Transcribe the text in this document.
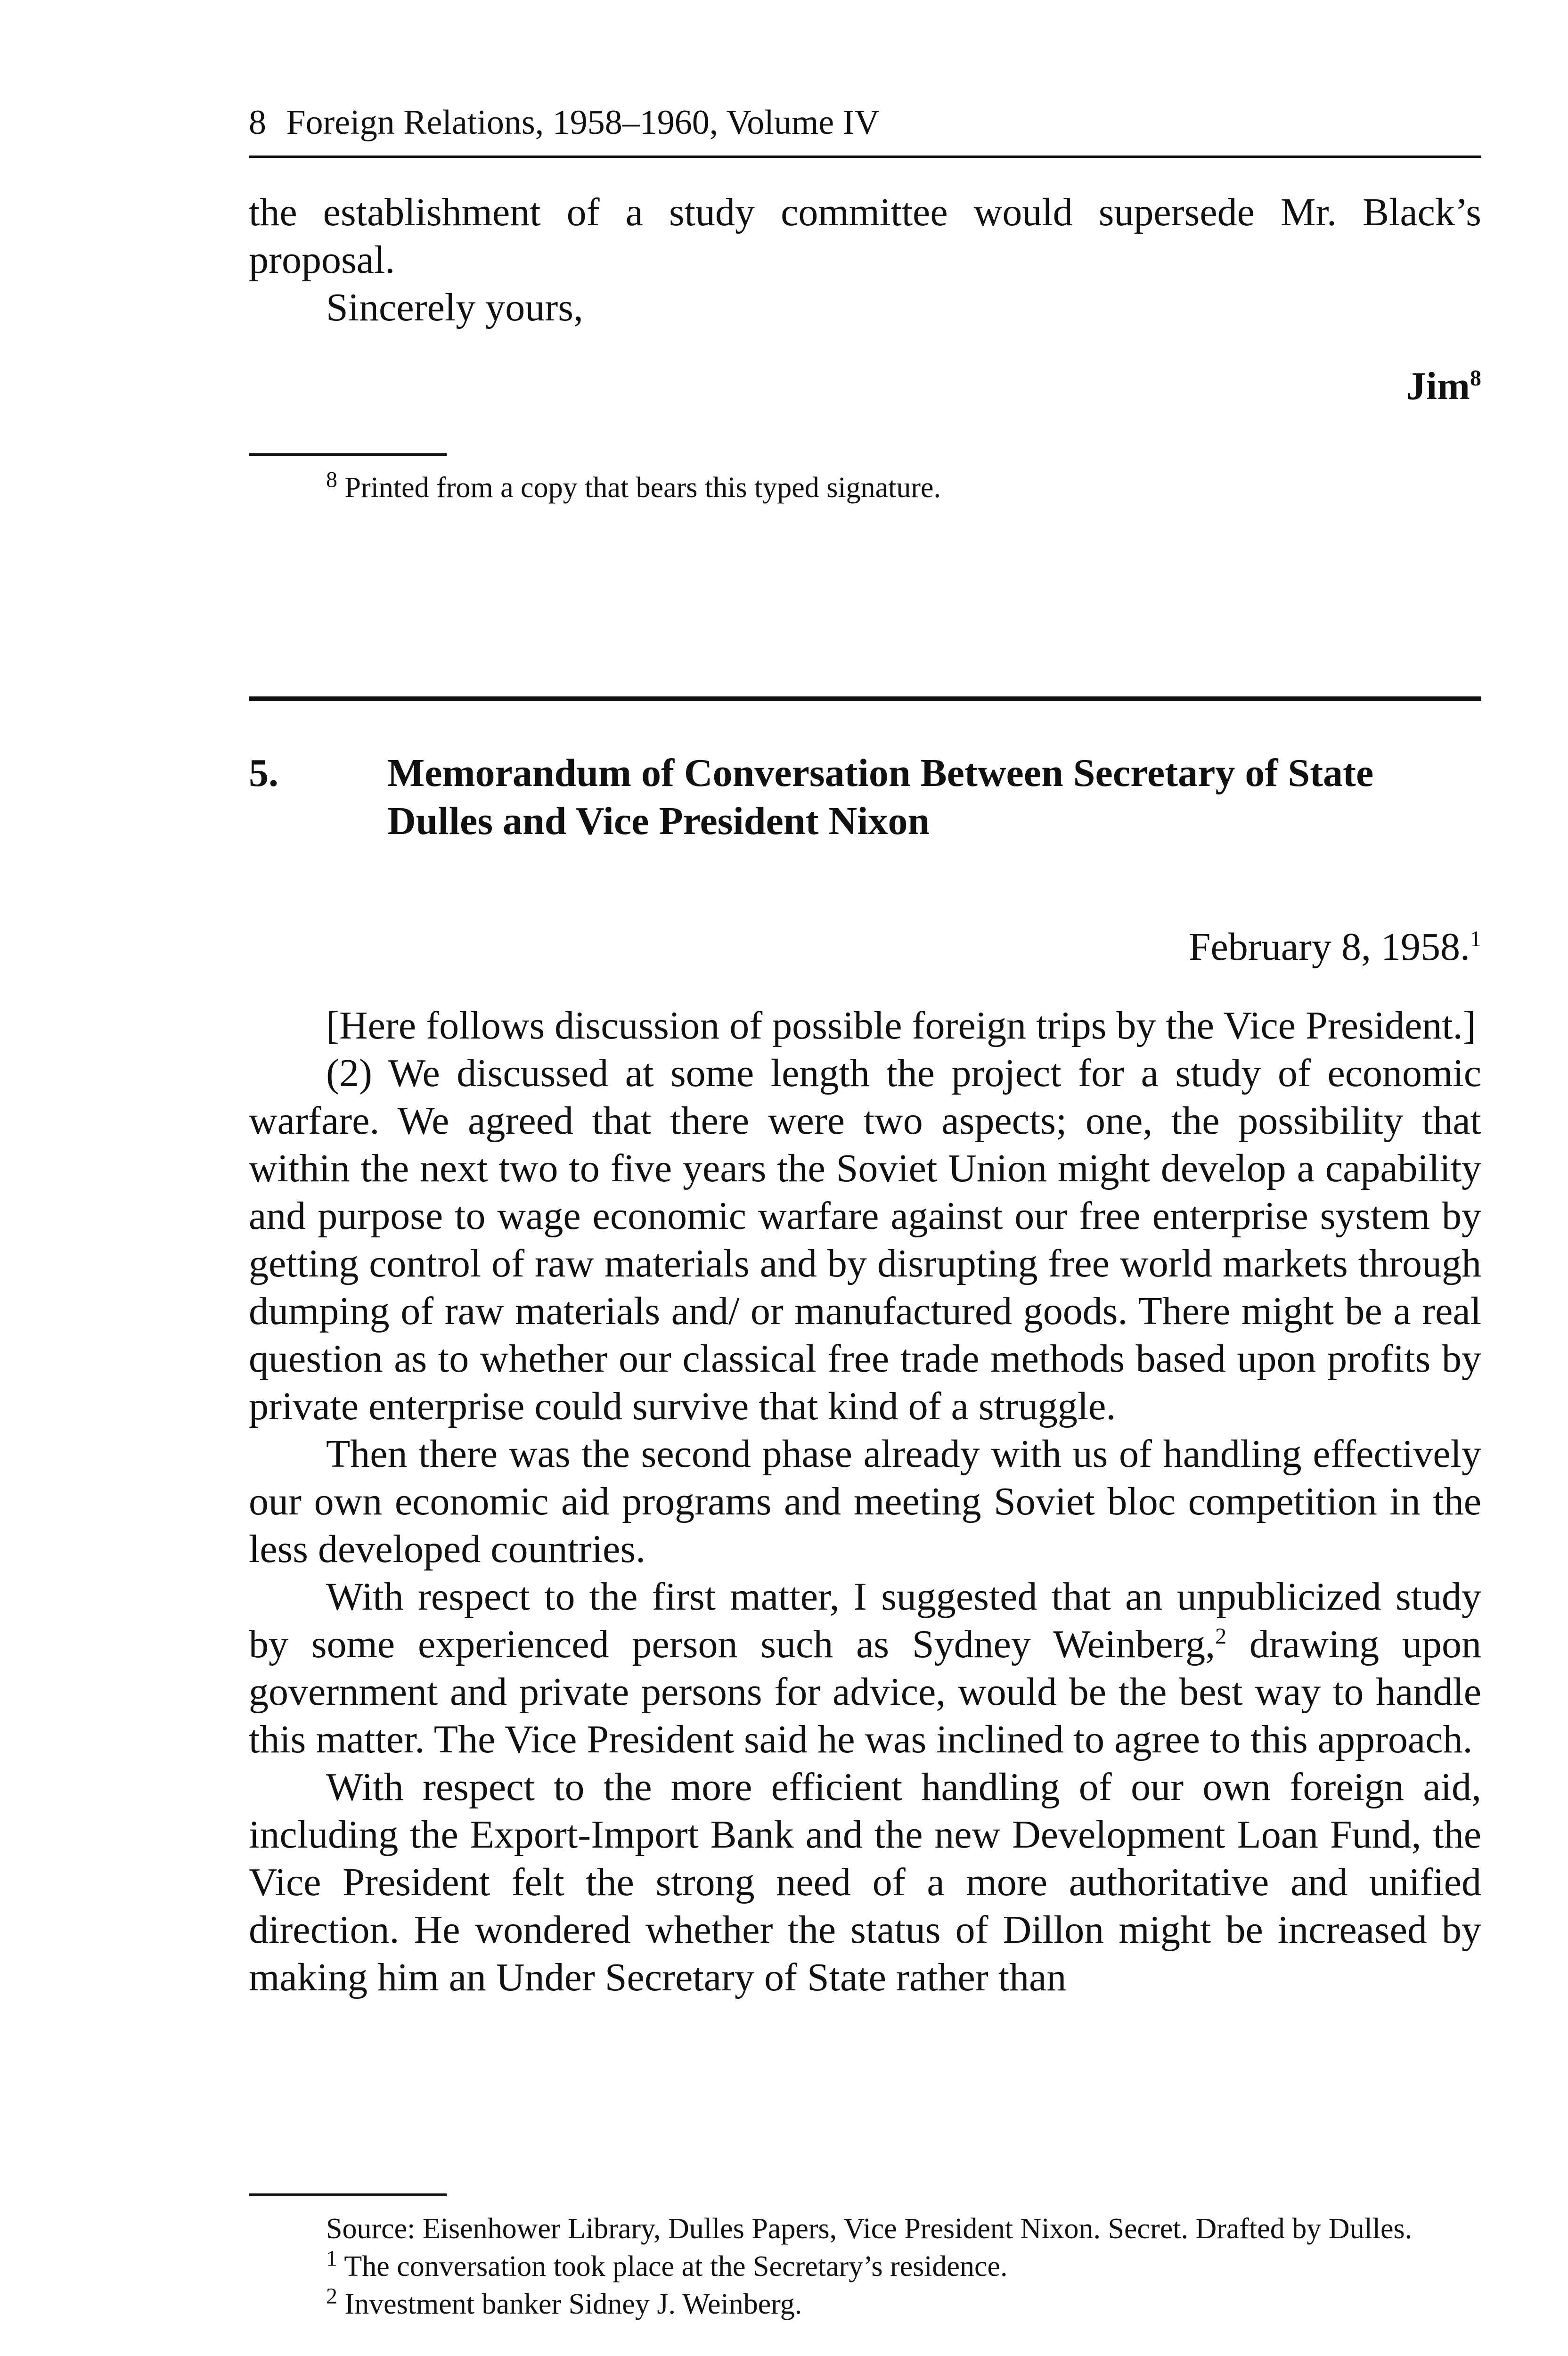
8 Foreign Relations, 1958–1960, Volume IV

the establishment of a study committee would supersede Mr. Black’s proposal.

Sincerely yours,

Jim$^8$

$^8$ Printed from a copy that bears this typed signature.

5.	Memorandum of Conversation Between Secretary of State Dulles and Vice President Nixon
February 8, 1958.$^1$

[Here follows discussion of possible foreign trips by the Vice President.]

(2) We discussed at some length the project for a study of economic warfare. We agreed that there were two aspects; one, the possibility that within the next two to five years the Soviet Union might develop a capability and purpose to wage economic warfare against our free enterprise system by getting control of raw materials and by disrupting free world markets through dumping of raw materials and/ or manufactured goods. There might be a real question as to whether our classical free trade methods based upon profits by private enterprise could survive that kind of a struggle.

Then there was the second phase already with us of handling effectively our own economic aid programs and meeting Soviet bloc competition in the less developed countries.

With respect to the first matter, I suggested that an unpublicized study by some experienced person such as Sydney Weinberg,$^2$ drawing upon government and private persons for advice, would be the best way to handle this matter. The Vice President said he was inclined to agree to this approach.

With respect to the more efficient handling of our own foreign aid, including the Export-Import Bank and the new Development Loan Fund, the Vice President felt the strong need of a more authoritative and unified direction. He wondered whether the status of Dillon might be increased by making him an Under Secretary of State rather than

Source: Eisenhower Library, Dulles Papers, Vice President Nixon. Secret. Drafted by Dulles.

$^1$ The conversation took place at the Secretary’s residence.

$^2$ Investment banker Sidney J. Weinberg.
